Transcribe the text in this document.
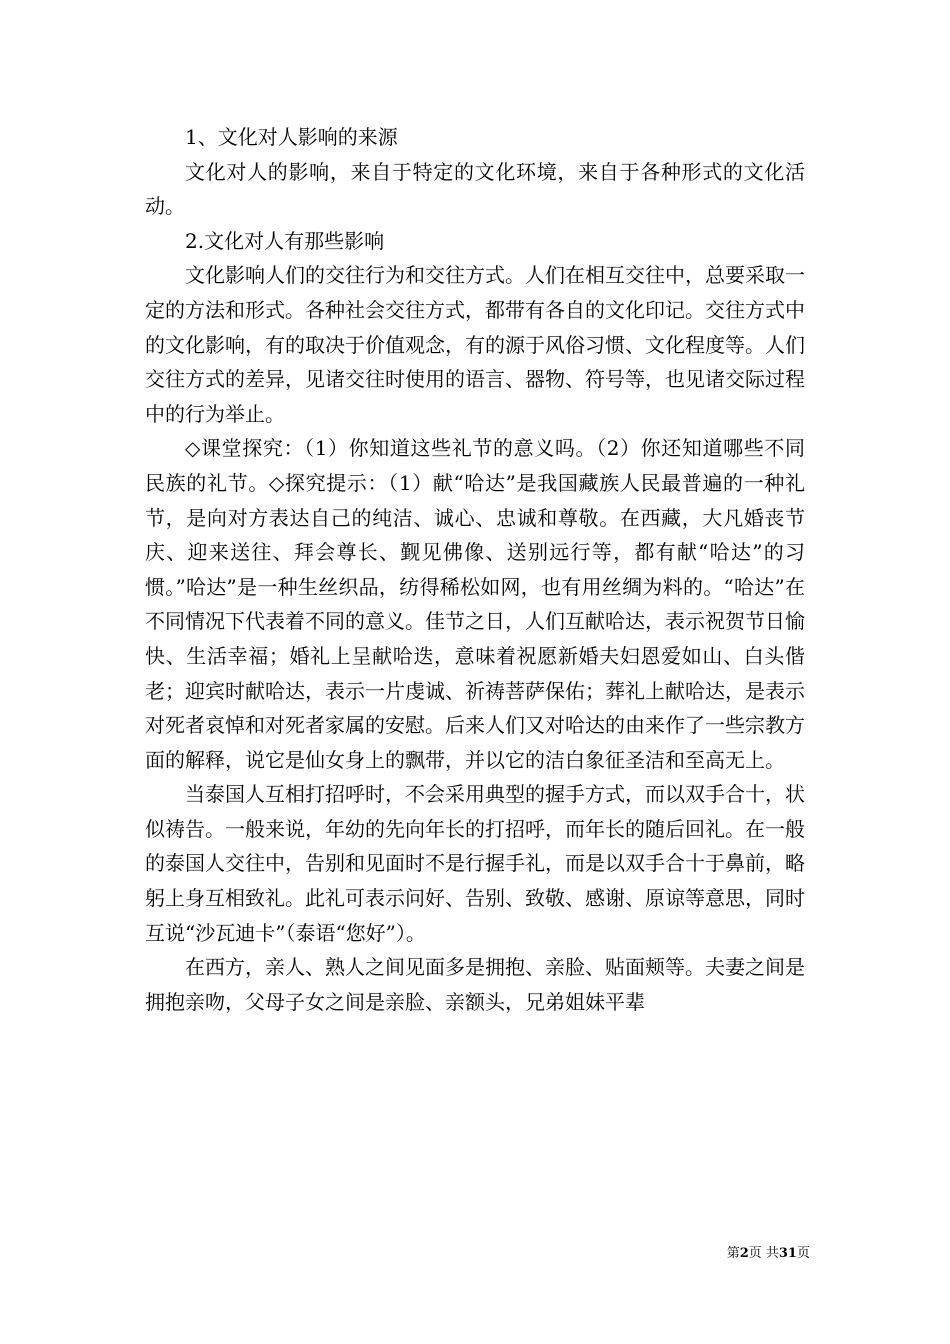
1、文化对人影响的来源

文化对人的影响，来自于特定的文化环境，来自于各种形式的文化活动。

2.文化对人有那些影响

文化影响人们的交往行为和交往方式。人们在相互交往中，总要采取一定的方法和形式。各种社会交往方式，都带有各自的文化印记。交往方式中的文化影响，有的取决于价值观念，有的源于风俗习惯、文化程度等。人们交往方式的差异，见诸交往时使用的语言、器物、符号等，也见诸交际过程中的行为举止。

◇课堂探究：（1）你知道这些礼节的意义吗。（2）你还知道哪些不同民族的礼节。◇探究提示：（1）献“哈达”是我国藏族人民最普遍的一种礼节，是向对方表达自己的纯洁、诚心、忠诚和尊敬。在西藏，大凡婚丧节庆、迎来送往、拜会尊长、觐见佛像、送别远行等，都有献“哈达”的习惯。”哈达”是一种生丝织品，纺得稀松如网，也有用丝绸为料的。“哈达”在不同情况下代表着不同的意义。佳节之日，人们互献哈达，表示祝贺节日愉快、生活幸福；婚礼上呈献哈迭，意味着祝愿新婚夫妇恩爱如山、白头偕老；迎宾时献哈达，表示一片虔诚、祈祷菩萨保佑；葬礼上献哈达，是表示对死者哀悼和对死者家属的安慰。后来人们又对哈达的由来作了一些宗教方面的解释，说它是仙女身上的飘带，并以它的洁白象征圣洁和至高无上。

当泰国人互相打招呼时，不会采用典型的握手方式，而以双手合十，状似祷告。一般来说，年幼的先向年长的打招呼，而年长的随后回礼。在一般的泰国人交往中，告别和见面时不是行握手礼，而是以双手合十于鼻前，略躬上身互相致礼。此礼可表示问好、告别、致敬、感谢、原谅等意思，同时互说“沙瓦迪卡”（泰语“您好”）。

在西方，亲人、熟人之间见面多是拥抱、亲脸、贴面颊等。夫妻之间是拥抱亲吻，父母子女之间是亲脸、亲额头，兄弟姐妹平辈

第2页 共31页
